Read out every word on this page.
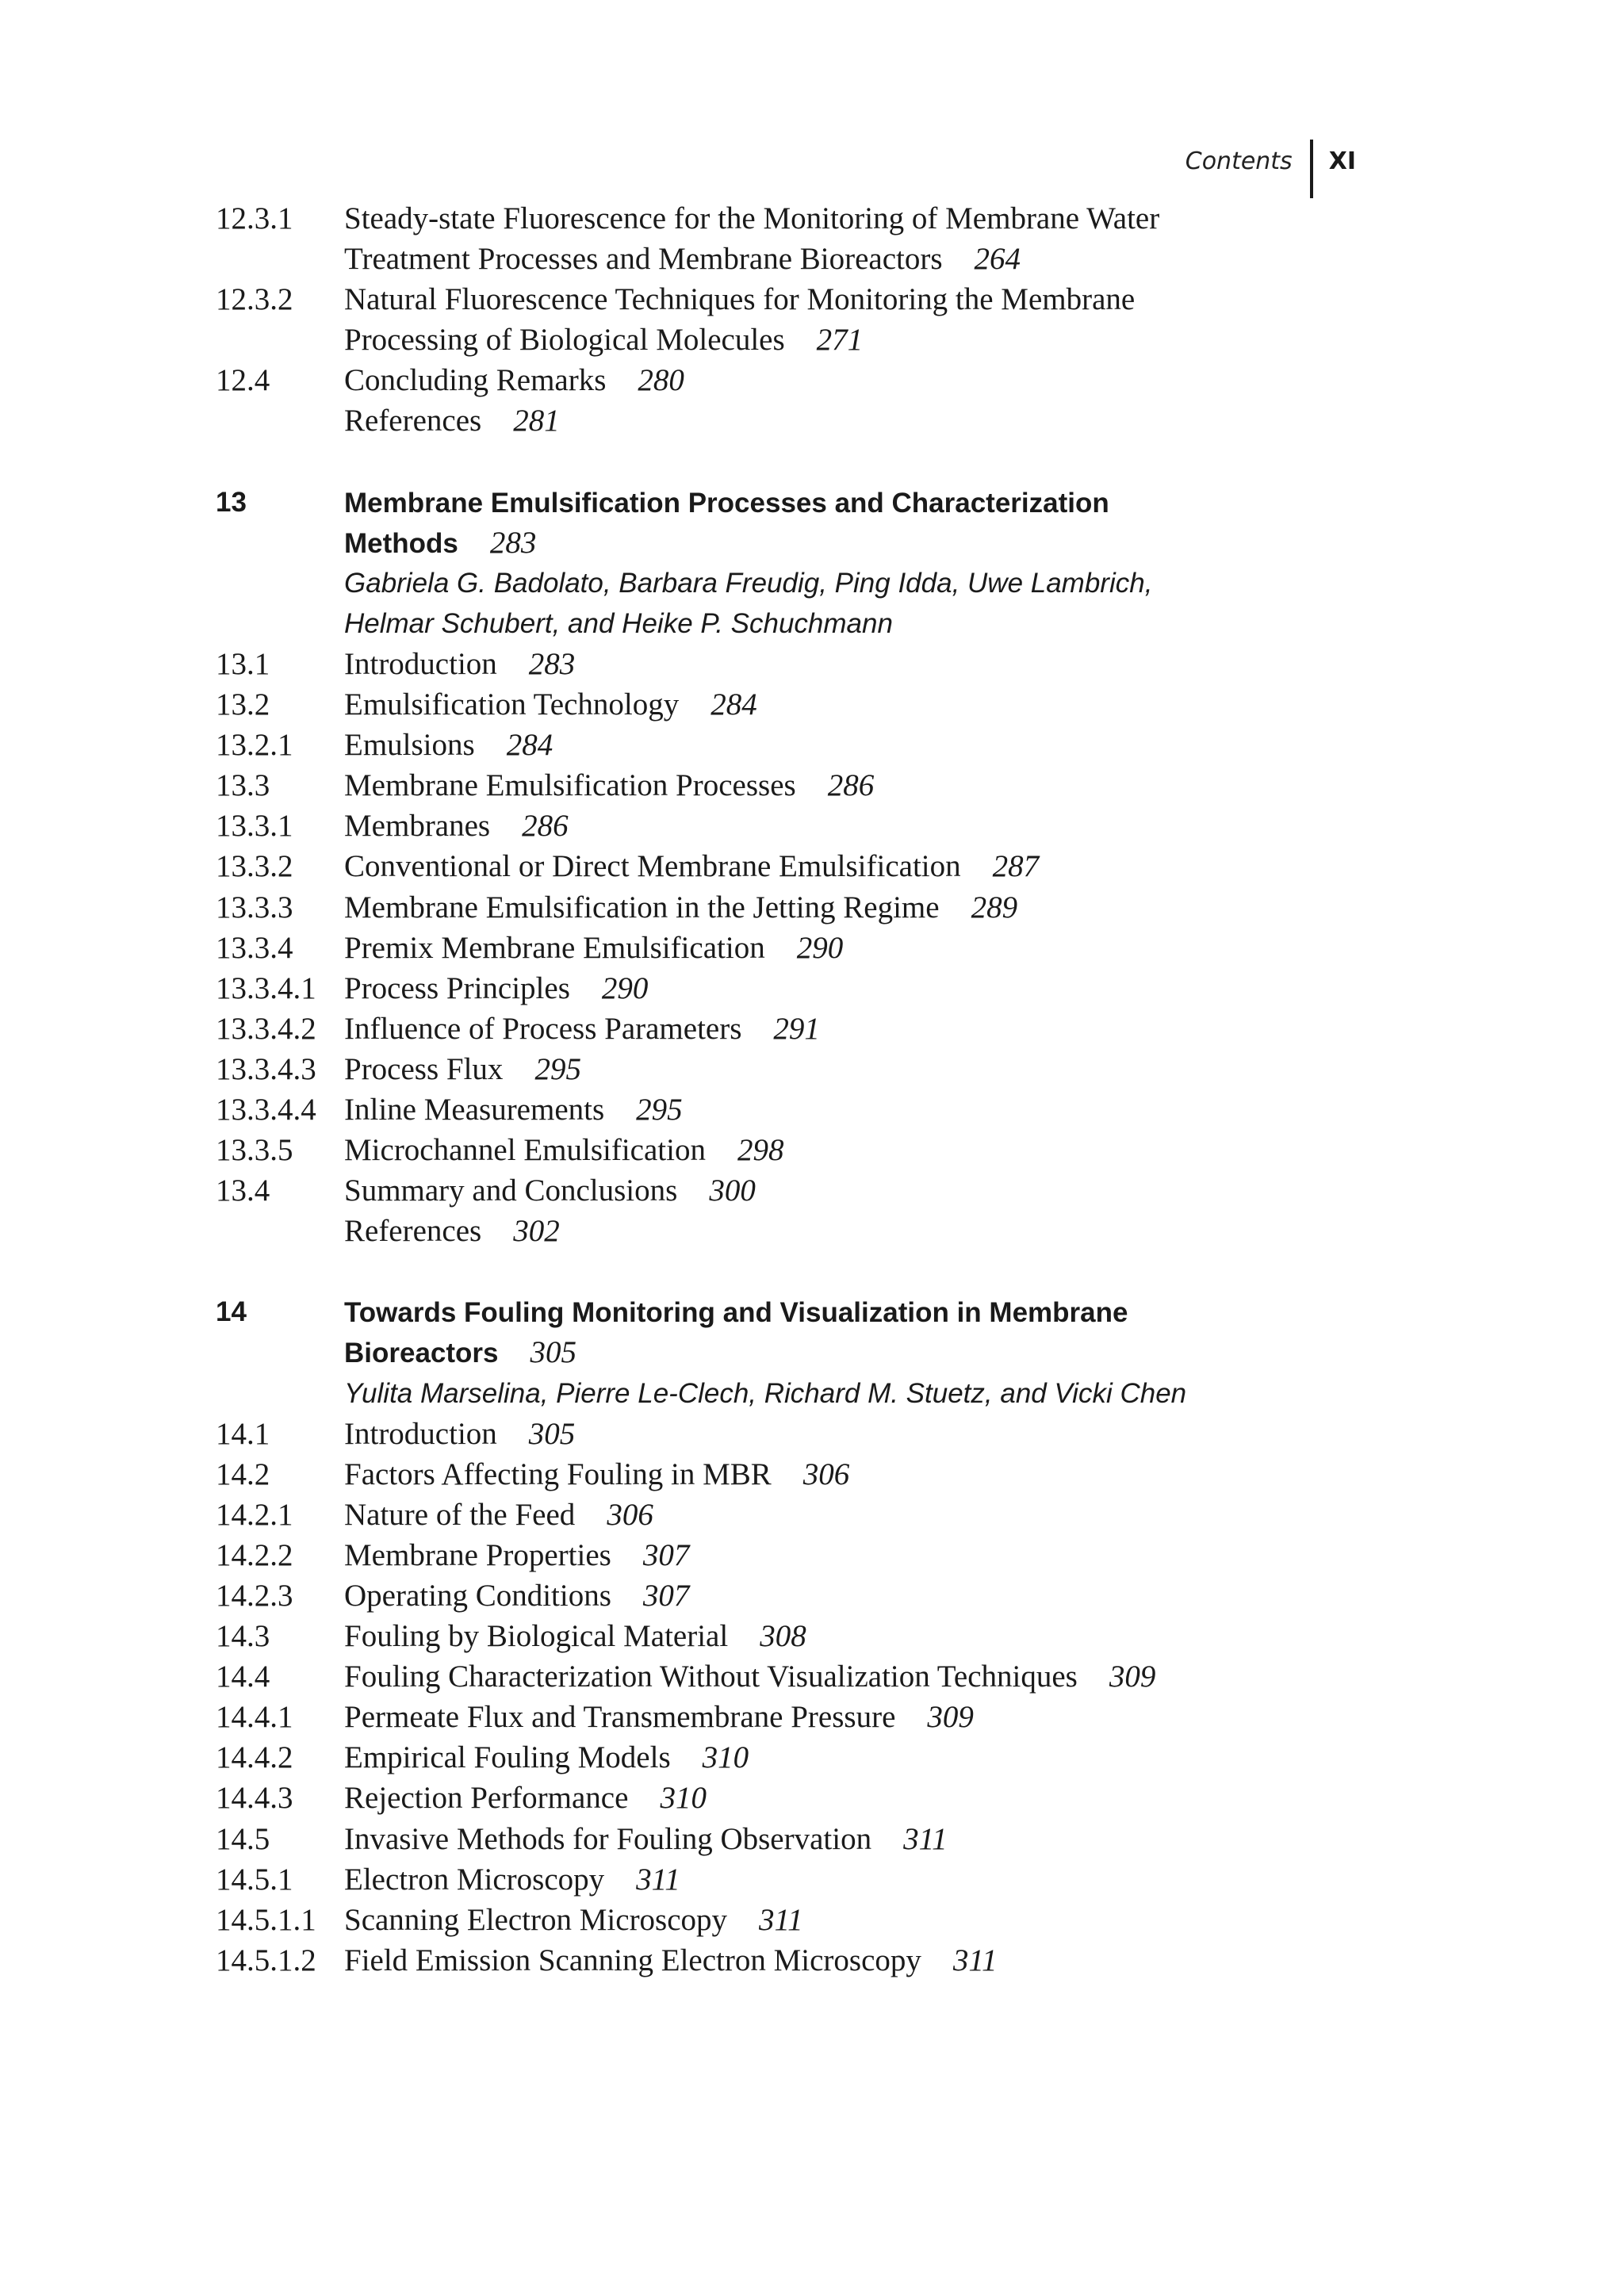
Contents	XI
12.3.1	Steady-state Fluorescence for the Monitoring of Membrane Water
Treatment Processes and Membrane Bioreactors 264
12.3.2	Natural Fluorescence Techniques for Monitoring the Membrane
Processing of Biological Molecules 271
12.4	Concluding Remarks 280
References 281
13	Membrane Emulsification Processes and Characterization
Methods 283
Gabriela G. Badolato, Barbara Freudig, Ping Idda, Uwe Lambrich,
Helmar Schubert, and Heike P. Schuchmann
13.1	Introduction 283
13.2	Emulsification Technology 284
13.2.1	Emulsions 284
13.3	Membrane Emulsification Processes 286
13.3.1	Membranes 286
13.3.2	Conventional or Direct Membrane Emulsification 287
13.3.3	Membrane Emulsification in the Jetting Regime 289
13.3.4	Premix Membrane Emulsification 290
13.3.4.1 Process Principles 290
13.3.4.2 Influence of Process Parameters 291
13.3.4.3 Process Flux 295
13.3.4.4 Inline Measurements 295
13.3.5	Microchannel Emulsification 298
13.4	Summary and Conclusions 300
References 302
14	Towards Fouling Monitoring and Visualization in Membrane
Bioreactors 305
Yulita Marselina, Pierre Le-Clech, Richard M. Stuetz, and Vicki Chen
14.1	Introduction 305
14.2	Factors Affecting Fouling in MBR 306
14.2.1	Nature of the Feed 306
14.2.2	Membrane Properties 307
14.2.3	Operating Conditions 307
14.3	Fouling by Biological Material 308
14.4	Fouling Characterization Without Visualization Techniques 309
14.4.1	Permeate Flux and Transmembrane Pressure 309
14.4.2	Empirical Fouling Models 310
14.4.3	Rejection Performance 310
14.5	Invasive Methods for Fouling Observation 311
14.5.1	Electron Microscopy 311
14.5.1.1 Scanning Electron Microscopy 311
14.5.1.2 Field Emission Scanning Electron Microscopy 311
